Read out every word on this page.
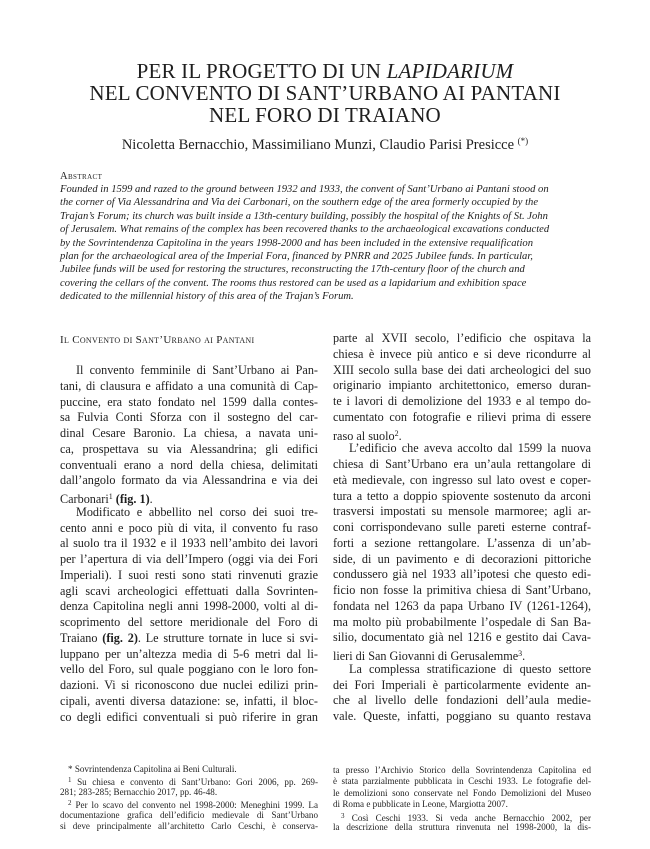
PER IL PROGETTO DI UN LAPIDARIUM
NEL CONVENTO DI SANT’URBANO AI PANTANI
NEL FORO DI TRAIANO
Nicoletta Bernacchio, Massimiliano Munzi, Claudio Parisi Presicce (*)
Abstract
Founded in 1599 and razed to the ground between 1932 and 1933, the convent of Sant’Urbano ai Pantani stood on
the corner of Via Alessandrina and Via dei Carbonari, on the southern edge of the area formerly occupied by the
Trajan’s Forum; its church was built inside a 13th-century building, possibly the hospital of the Knights of St. John
of Jerusalem. What remains of the complex has been recovered thanks to the archaeological excavations conducted
by the Sovrintendenza Capitolina in the years 1998-2000 and has been included in the extensive requalification
plan for the archaeological area of the Imperial Fora, financed by PNRR and 2025 Jubilee funds. In particular,
Jubilee funds will be used for restoring the structures, reconstructing the 17th-century floor of the church and
covering the cellars of the convent. The rooms thus restored can be used as a lapidarium and exhibition space
dedicated to the millennial history of this area of the Trajan’s Forum.
Il Convento di Sant’Urbano ai Pantani
Il convento femminile di Sant’Urbano ai Pan-
tani, di clausura e affidato a una comunità di Cap-
puccine, era stato fondato nel 1599 dalla contes-
sa Fulvia Conti Sforza con il sostegno del car-
dinal Cesare Baronio. La chiesa, a navata uni-
ca, prospettava su via Alessandrina; gli edifici
conventuali erano a nord della chiesa, delimitati
dall’angolo formato da via Alessandrina e via dei
Carbonari$^1$ (fig. 1).
Modificato e abbellito nel corso dei suoi tre-
cento anni e poco più di vita, il convento fu raso
al suolo tra il 1932 e il 1933 nell’ambito dei lavori
per l’apertura di via dell’Impero (oggi via dei Fori
Imperiali). I suoi resti sono stati rinvenuti grazie
agli scavi archeologici effettuati dalla Sovrinten-
denza Capitolina negli anni 1998-2000, volti al di-
scoprimento del settore meridionale del Foro di
Traiano (fig. 2). Le strutture tornate in luce si svi-
luppano per un’altezza media di 5-6 metri dal li-
vello del Foro, sul quale poggiano con le loro fon-
dazioni. Vi si riconoscono due nuclei edilizi prin-
cipali, aventi diversa datazione: se, infatti, il bloc-
co degli edifici conventuali si può riferire in gran
parte al XVII secolo, l’edificio che ospitava la
chiesa è invece più antico e si deve ricondurre al
XIII secolo sulla base dei dati archeologici del suo
originario impianto architettonico, emerso duran-
te i lavori di demolizione del 1933 e al tempo do-
cumentato con fotografie e rilievi prima di essere
raso al suolo$^2$.
L’edificio che aveva accolto dal 1599 la nuova
chiesa di Sant’Urbano era un’aula rettangolare di
età medievale, con ingresso sul lato ovest e coper-
tura a tetto a doppio spiovente sostenuto da arconi
trasversi impostati su mensole marmoree; agli ar-
coni corrispondevano sulle pareti esterne contraf-
forti a sezione rettangolare. L’assenza di un’ab-
side, di un pavimento e di decorazioni pittoriche
condussero già nel 1933 all’ipotesi che questo edi-
ficio non fosse la primitiva chiesa di Sant’Urbano,
fondata nel 1263 da papa Urbano IV (1261-1264),
ma molto più probabilmente l’ospedale di San Ba-
silio, documentato già nel 1216 e gestito dai Cava-
lieri di San Giovanni di Gerusalemme$^3$.
La complessa stratificazione di questo settore
dei Fori Imperiali è particolarmente evidente an-
che al livello delle fondazioni dell’aula medie-
vale. Queste, infatti, poggiano su quanto restava
* Sovrintendenza Capitolina ai Beni Culturali.
$^1$ Su chiesa e convento di Sant’Urbano: Gori 2006, pp. 269-
281; 283-285; Bernacchio 2017, pp. 46-48.
$^2$ Per lo scavo del convento nel 1998-2000: Meneghini 1999. La
documentazione grafica dell’edificio medievale di Sant’Urbano
si deve principalmente all’architetto Carlo Ceschi, è conserva-
ta presso l’Archivio Storico della Sovrintendenza Capitolina ed
è stata parzialmente pubblicata in Ceschi 1933. Le fotografie del-
le demolizioni sono conservate nel Fondo Demolizioni del Museo
di Roma e pubblicate in Leone, Margiotta 2007.
$^3$ Così Ceschi 1933. Si veda anche Bernacchio 2002, per
la descrizione della struttura rinvenuta nel 1998-2000, la dis-
